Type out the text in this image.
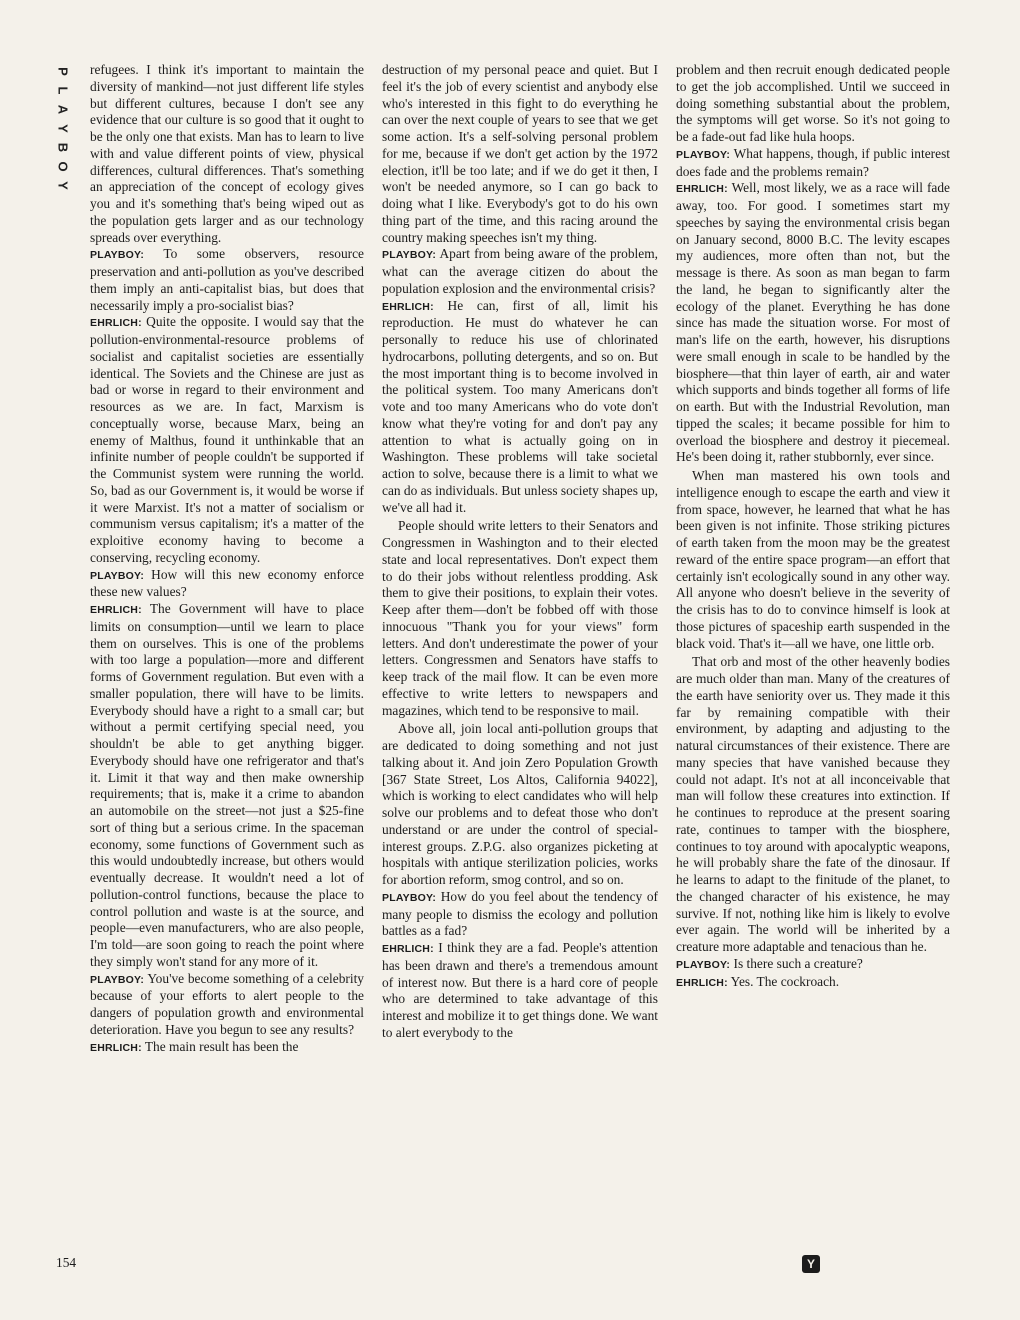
P
L
A
Y
B
O
Y

refugees. I think it's important to maintain the diversity of mankind—not just different life styles but different cultures, because I don't see any evidence that our culture is so good that it ought to be the only one that exists. Man has to learn to live with and value different points of view, physical differences, cultural differences. That's something an appreciation of the concept of ecology gives you and it's something that's being wiped out as the population gets larger and as our technology spreads over everything.

PLAYBOY: To some observers, resource preservation and anti-pollution as you've described them imply an anti-capitalist bias, but does that necessarily imply a pro-socialist bias?

EHRLICH: Quite the opposite. I would say that the pollution-environmental-resource problems of socialist and capitalist societies are essentially identical. The Soviets and the Chinese are just as bad or worse in regard to their environment and resources as we are. In fact, Marxism is conceptually worse, because Marx, being an enemy of Malthus, found it unthinkable that an infinite number of people couldn't be supported if the Communist system were running the world. So, bad as our Government is, it would be worse if it were Marxist. It's not a matter of socialism or communism versus capitalism; it's a matter of the exploitive economy having to become a conserving, recycling economy.

PLAYBOY: How will this new economy enforce these new values?

EHRLICH: The Government will have to place limits on consumption—until we learn to place them on ourselves. This is one of the problems with too large a population—more and different forms of Government regulation. But even with a smaller population, there will have to be limits. Everybody should have a right to a small car; but without a permit certifying special need, you shouldn't be able to get anything bigger. Everybody should have one refrigerator and that's it. Limit it that way and then make ownership requirements; that is, make it a crime to abandon an automobile on the street—not just a $25-fine sort of thing but a serious crime. In the spaceman economy, some functions of Government such as this would undoubtedly increase, but others would eventually decrease. It wouldn't need a lot of pollution-control functions, because the place to control pollution and waste is at the source, and people—even manufacturers, who are also people, I'm told—are soon going to reach the point where they simply won't stand for any more of it.

PLAYBOY: You've become something of a celebrity because of your efforts to alert people to the dangers of population growth and environmental deterioration. Have you begun to see any results?

EHRLICH: The main result has been the

destruction of my personal peace and quiet. But I feel it's the job of every scientist and anybody else who's interested in this fight to do everything he can over the next couple of years to see that we get some action. It's a self-solving personal problem for me, because if we don't get action by the 1972 election, it'll be too late; and if we do get it then, I won't be needed anymore, so I can go back to doing what I like. Everybody's got to do his own thing part of the time, and this racing around the country making speeches isn't my thing.

PLAYBOY: Apart from being aware of the problem, what can the average citizen do about the population explosion and the environmental crisis?

EHRLICH: He can, first of all, limit his reproduction. He must do whatever he can personally to reduce his use of chlorinated hydrocarbons, polluting detergents, and so on. But the most important thing is to become involved in the political system. Too many Americans don't vote and too many Americans who do vote don't know what they're voting for and don't pay any attention to what is actually going on in Washington. These problems will take societal action to solve, because there is a limit to what we can do as individuals. But unless society shapes up, we've all had it.

People should write letters to their Senators and Congressmen in Washington and to their elected state and local representatives. Don't expect them to do their jobs without relentless prodding. Ask them to give their positions, to explain their votes. Keep after them—don't be fobbed off with those innocuous "Thank you for your views" form letters. And don't underestimate the power of your letters. Congressmen and Senators have staffs to keep track of the mail flow. It can be even more effective to write letters to newspapers and magazines, which tend to be responsive to mail.

Above all, join local anti-pollution groups that are dedicated to doing something and not just talking about it. And join Zero Population Growth [367 State Street, Los Altos, California 94022], which is working to elect candidates who will help solve our problems and to defeat those who don't understand or are under the control of special-interest groups. Z.P.G. also organizes picketing at hospitals with antique sterilization policies, works for abortion reform, smog control, and so on.

PLAYBOY: How do you feel about the tendency of many people to dismiss the ecology and pollution battles as a fad?

EHRLICH: I think they are a fad. People's attention has been drawn and there's a tremendous amount of interest now. But there is a hard core of people who are determined to take advantage of this interest and mobilize it to get things done. We want to alert everybody to the

problem and then recruit enough dedicated people to get the job accomplished. Until we succeed in doing something substantial about the problem, the symptoms will get worse. So it's not going to be a fade-out fad like hula hoops.

PLAYBOY: What happens, though, if public interest does fade and the problems remain?

EHRLICH: Well, most likely, we as a race will fade away, too. For good. I sometimes start my speeches by saying the environmental crisis began on January second, 8000 B.C. The levity escapes my audiences, more often than not, but the message is there. As soon as man began to farm the land, he began to significantly alter the ecology of the planet. Everything he has done since has made the situation worse. For most of man's life on the earth, however, his disruptions were small enough in scale to be handled by the biosphere—that thin layer of earth, air and water which supports and binds together all forms of life on earth. But with the Industrial Revolution, man tipped the scales; it became possible for him to overload the biosphere and destroy it piecemeal. He's been doing it, rather stubbornly, ever since.

When man mastered his own tools and intelligence enough to escape the earth and view it from space, however, he learned that what he has been given is not infinite. Those striking pictures of earth taken from the moon may be the greatest reward of the entire space program—an effort that certainly isn't ecologically sound in any other way. All anyone who doesn't believe in the severity of the crisis has to do to convince himself is look at those pictures of spaceship earth suspended in the black void. That's it—all we have, one little orb.

That orb and most of the other heavenly bodies are much older than man. Many of the creatures of the earth have seniority over us. They made it this far by remaining compatible with their environment, by adapting and adjusting to the natural circumstances of their existence. There are many species that have vanished because they could not adapt. It's not at all inconceivable that man will follow these creatures into extinction. If he continues to reproduce at the present soaring rate, continues to tamper with the biosphere, continues to toy around with apocalyptic weapons, he will probably share the fate of the dinosaur. If he learns to adapt to the finitude of the planet, to the changed character of his existence, he may survive. If not, nothing like him is likely to evolve ever again. The world will be inherited by a creature more adaptable and tenacious than he.

PLAYBOY: Is there such a creature?

EHRLICH: Yes. The cockroach.

154	Y
